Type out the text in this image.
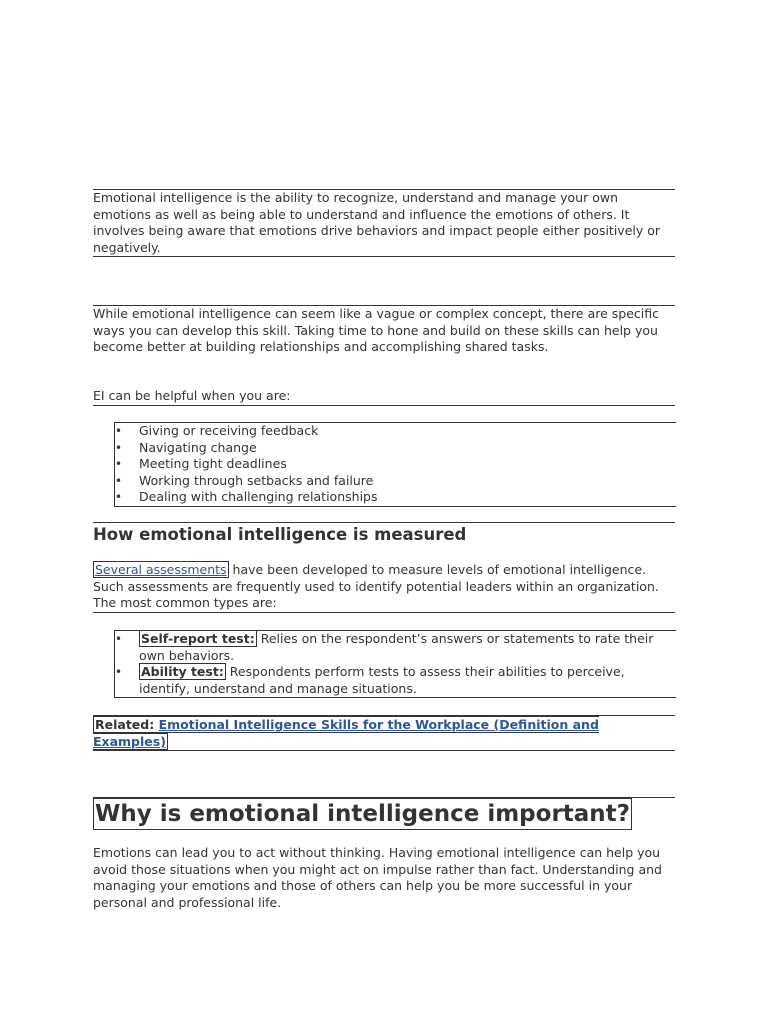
Emotional intelligence is the ability to recognize, understand and manage your own emotions as well as being able to understand and influence the emotions of others. It involves being aware that emotions drive behaviors and impact people either positively or negatively.

While emotional intelligence can seem like a vague or complex concept, there are specific ways you can develop this skill. Taking time to hone and build on these skills can help you become better at building relationships and accomplishing shared tasks.

EI can be helpful when you are:

• Giving or receiving feedback
• Navigating change
• Meeting tight deadlines
• Working through setbacks and failure
• Dealing with challenging relationships
How emotional intelligence is measured

Several assessments have been developed to measure levels of emotional intelligence. Such assessments are frequently used to identify potential leaders within an organization. The most common types are:

• Self-report test: Relies on the respondent’s answers or statements to rate their own behaviors.
• Ability test: Respondents perform tests to assess their abilities to perceive, identify, understand and manage situations.

Related: Emotional Intelligence Skills for the Workplace (Definition and Examples)

Why is emotional intelligence important?

Emotions can lead you to act without thinking. Having emotional intelligence can help you avoid those situations when you might act on impulse rather than fact. Understanding and managing your emotions and those of others can help you be more successful in your personal and professional life.
